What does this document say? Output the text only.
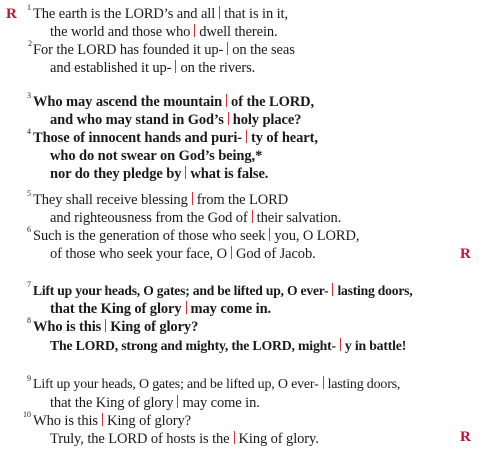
R
R
R
1 The earth is the LORD’s and all that is in it,
the world and those who dwell therein.
2 For the LORD has founded it up- on the seas
and established it up- on the rivers.
3 Who may ascend the mountain of the LORD,
and who may stand in God’s holy place?
4 Those of innocent hands and puri- ty of heart,
who do not swear on God’s being,*
nor do they pledge by what is false.
5 They shall receive blessing from the LORD
and righteousness from the God of their salvation.
6 Such is the generation of those who seek you, O LORD,
of those who seek your face, O God of Jacob.
7 Lift up your heads, O gates; and be lifted up, O ever- lasting doors,
that the King of glory may come in.
8 Who is this King of glory?
The LORD, strong and mighty, the LORD, might- y in battle!
9 Lift up your heads, O gates; and be lifted up, O ever- lasting doors,
that the King of glory may come in.
10 Who is this King of glory?
Truly, the LORD of hosts is the King of glory.
